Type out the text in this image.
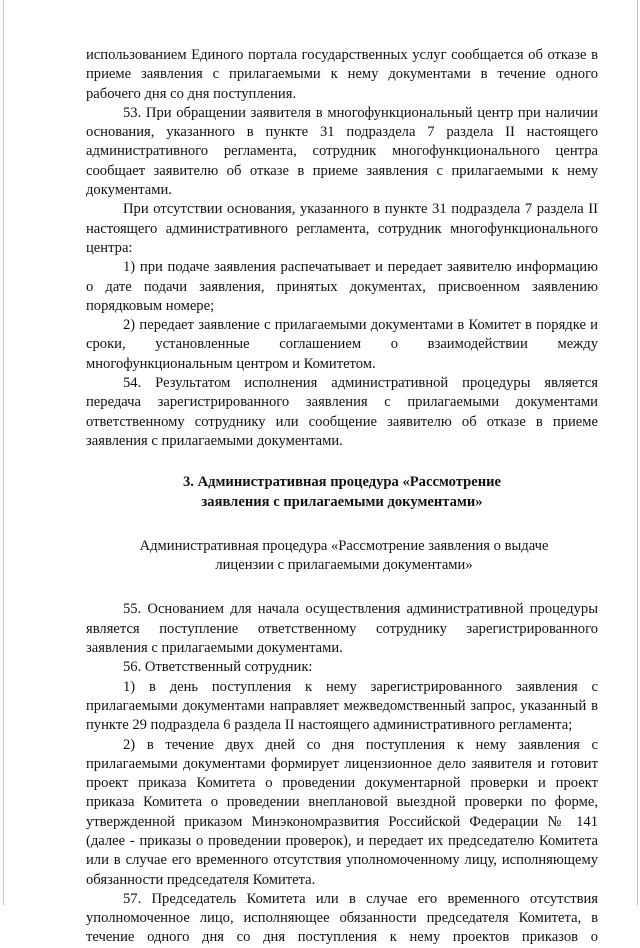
использованием Единого портала государственных услуг сообщается об отказе в приеме заявления с прилагаемыми к нему документами в течение одного рабочего дня со дня поступления.

53. При обращении заявителя в многофункциональный центр при наличии основания, указанного в пункте 31 подраздела 7 раздела II настоящего административного регламента, сотрудник многофункционального центра сообщает заявителю об отказе в приеме заявления с прилагаемыми к нему документами.

При отсутствии основания, указанного в пункте 31 подраздела 7 раздела II настоящего административного регламента, сотрудник многофункционального центра:

1) при подаче заявления распечатывает и передает заявителю информацию о дате подачи заявления, принятых документах, присвоенном заявлению порядковым номере;

2) передает заявление с прилагаемыми документами в Комитет в порядке и сроки, установленные соглашением о взаимодействии между многофункциональным центром и Комитетом.

54. Результатом исполнения административной процедуры является передача зарегистрированного заявления с прилагаемыми документами ответственному сотруднику или сообщение заявителю об отказе в приеме заявления с прилагаемыми документами.

3. Административная процедура «Рассмотрение

заявления с прилагаемыми документами»

Административная процедура «Рассмотрение заявления о выдаче

лицензии с прилагаемыми документами»

55. Основанием для начала осуществления административной процедуры является поступление ответственному сотруднику зарегистрированного заявления с прилагаемыми документами.

56. Ответственный сотрудник:

1) в день поступления к нему зарегистрированного заявления с прилагаемыми документами направляет межведомственный запрос, указанный в пункте 29 подраздела 6 раздела II настоящего административного регламента;

2) в течение двух дней со дня поступления к нему заявления с прилагаемыми документами формирует лицензионное дело заявителя и готовит проект приказа Комитета о проведении документарной проверки и проект приказа Комитета о проведении внеплановой выездной проверки по форме, утвержденной приказом Минэкономразвития Российской Федерации № 141 (далее - приказы о проведении проверок), и передает их председателю Комитета или в случае его временного отсутствия уполномоченному лицу, исполняющему обязанности председателя Комитета.

57. Председатель Комитета или в случае его временного отсутствия уполномоченное лицо, исполняющее обязанности председателя Комитета, в течение одного дня со дня поступления к нему проектов приказов о
